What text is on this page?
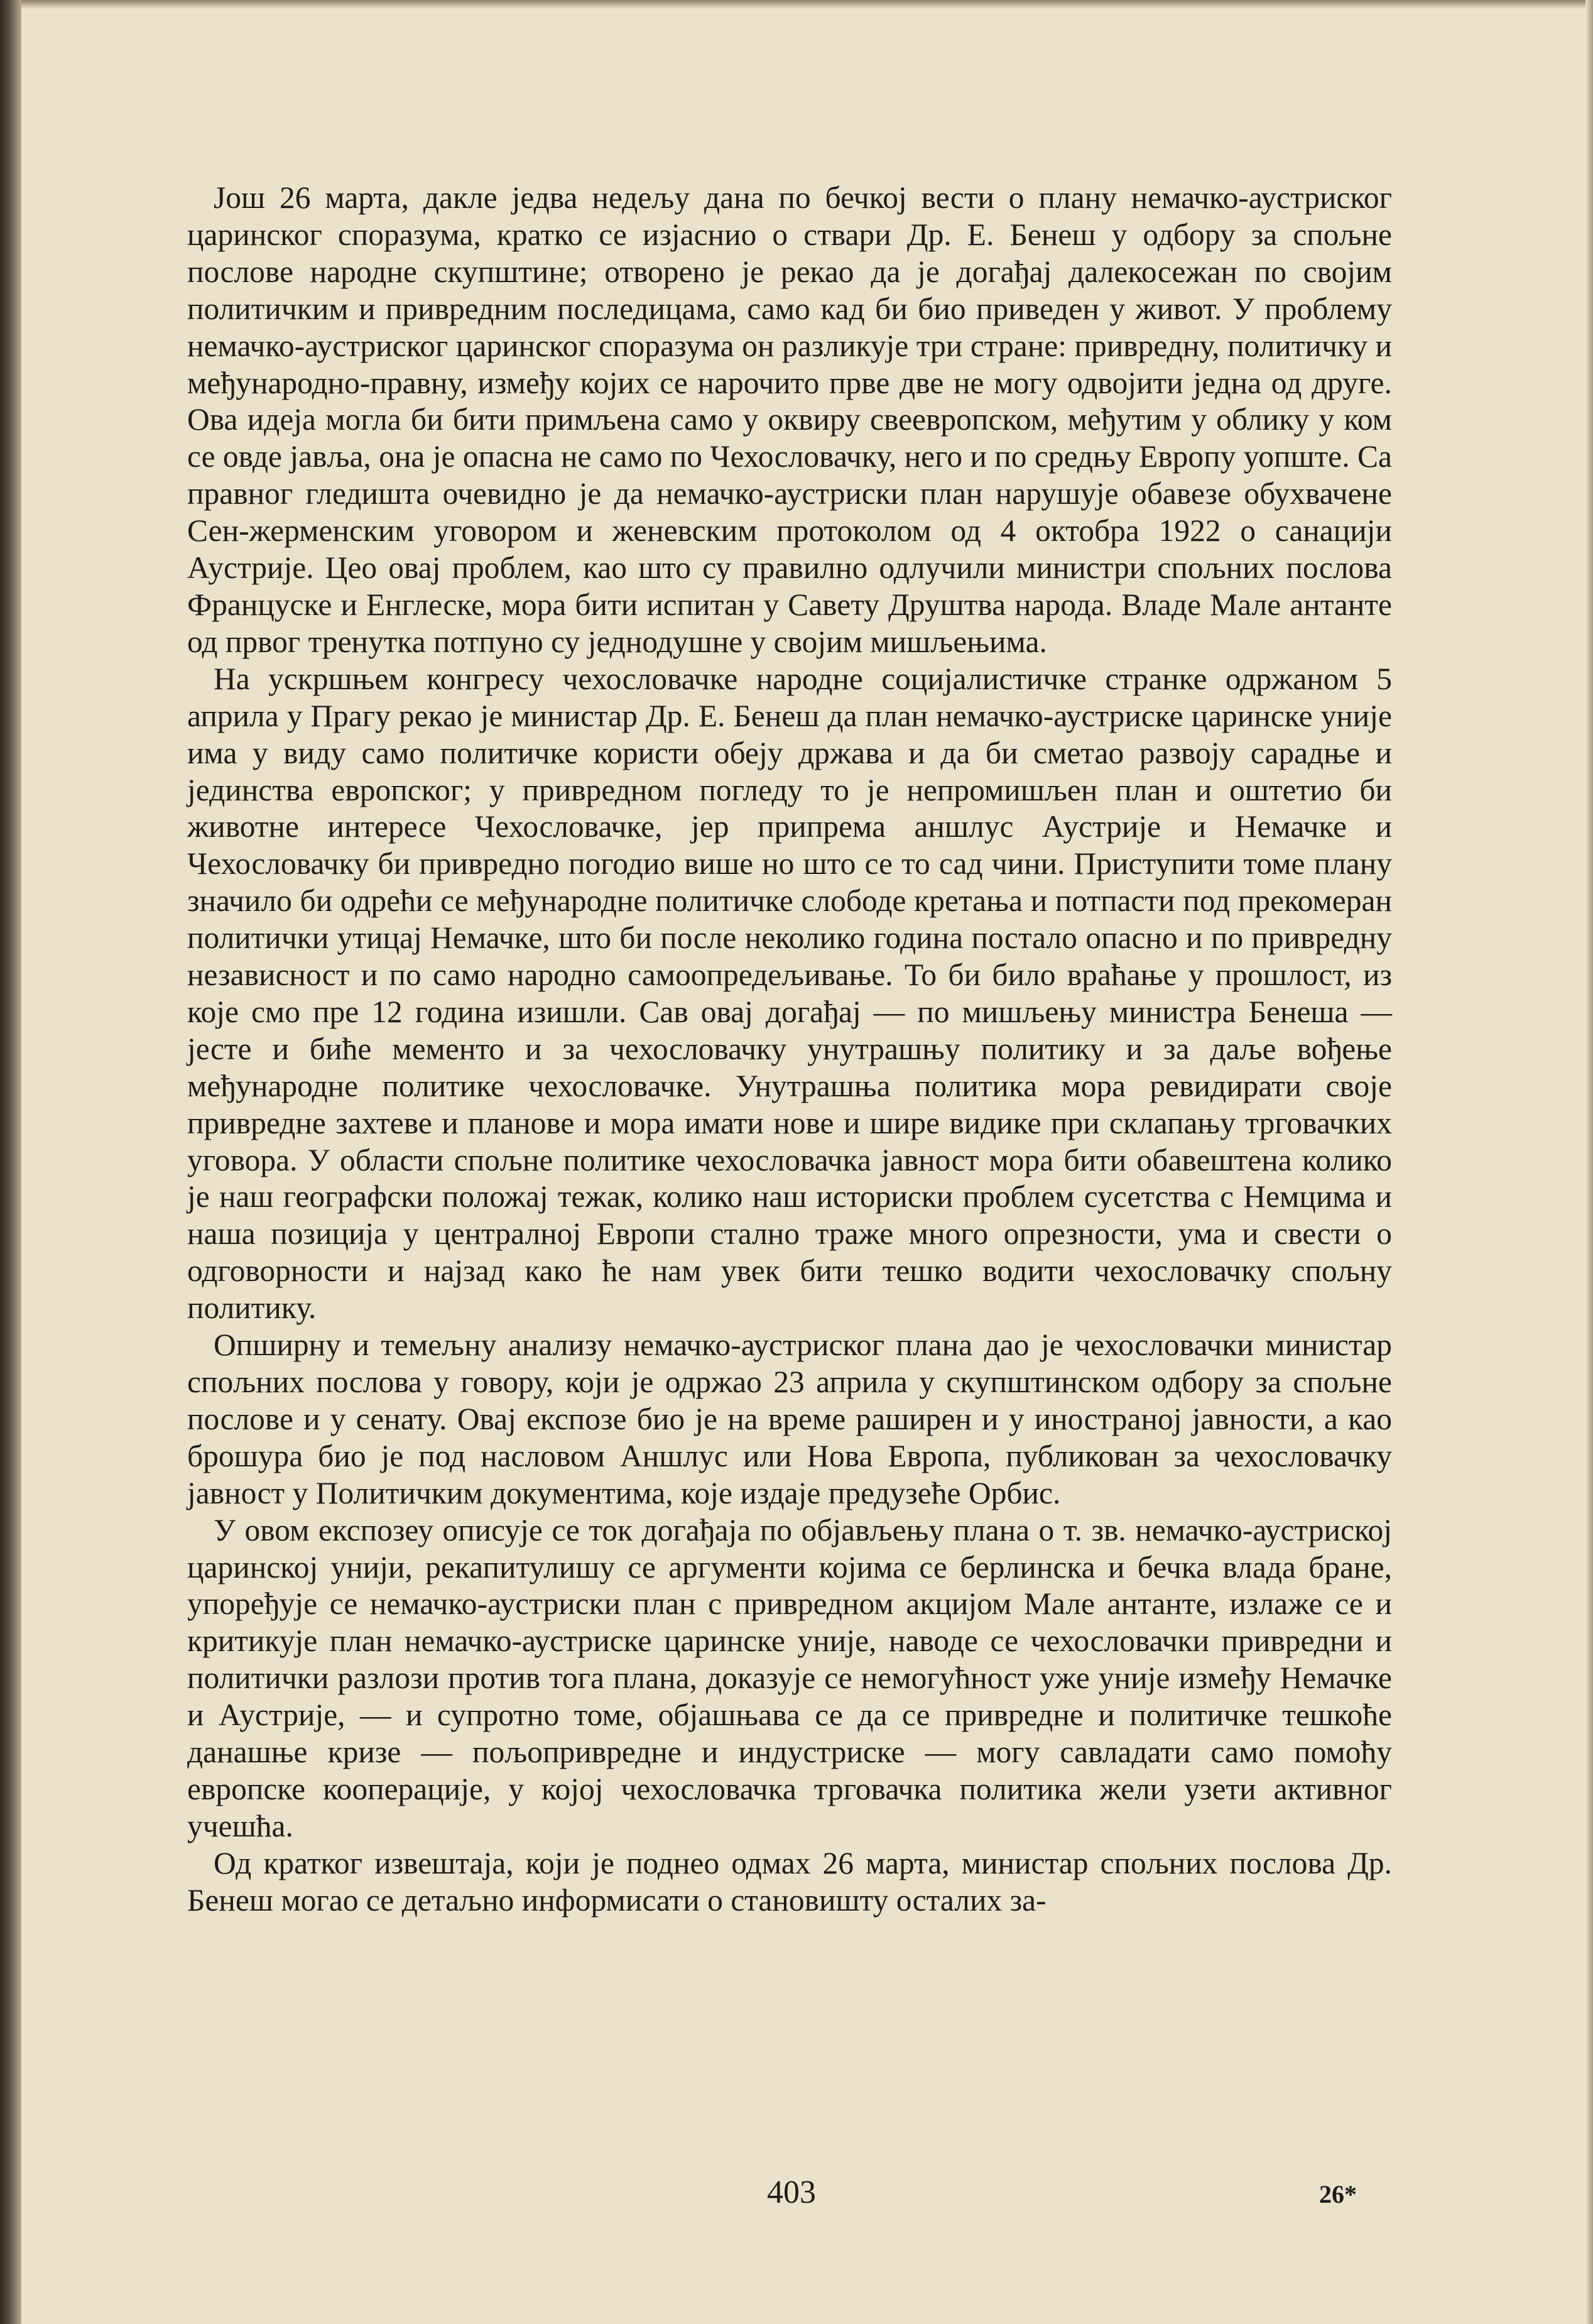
Још 26 марта, дакле једва недељу дана по бечкој вести о плану немачко-аустриског царинског споразума, кратко се изјаснио о ствари Др. Е. Бенеш у одбору за спољне послове народне скупштине; отворено је рекао да је догађај далекосежан по својим политичким и привредним последицама, само кад би био приведен у живот. У проблему немачко-аустриског царинског споразума он разликује три стране: привредну, политичку и међународно-правну, између којих се нарочито прве две не могу одвојити једна од друге. Ова идеја могла би бити примљена само у оквиру свеевропском, међутим у облику у ком се овде јавља, она је опасна не само по Чехословачку, него и по средњу Европу уопште. Са правног гледишта очевидно је да немачко-аустриски план нарушује обавезе обухвачене Сен-жерменским уговором и женевским протоколом од 4 октобра 1922 о санацији Аустрије. Цео овај проблем, као што су правилно одлучили министри спољних послова Француске и Енглеске, мора бити испитан у Савету Друштва народа. Владе Мале антанте од првог тренутка потпуно су једнодушне у својим мишљењима.

На ускршњем конгресу чехословачке народне социјалистичке странке одржаном 5 априла у Прагу рекао је министар Др. Е. Бенеш да план немачко-аустриске царинске уније има у виду само политичке користи обеју држава и да би сметао развоју сарадње и јединства европског; у привредном погледу то је непромишљен план и оштетио би животне интересе Чехословачке, јер припрема аншлус Аустрије и Немачке и Чехословачку би привредно погодио више но што се то сад чини. Приступити томе плану значило би одрећи се међународне политичке слободе кретања и потпасти под прекомеран политички утицај Немачке, што би после неколико година постало опасно и по привредну независност и по само народно самоопредељивање. То би било враћање у прошлост, из које смо пре 12 година изишли. Сав овај догађај — по мишљењу министра Бенеша — јесте и биће мементо и за чехословачку унутрашњу политику и за даље вођење међународне политике чехословачке. Унутрашња политика мора ревидирати своје привредне захтеве и планове и мора имати нове и шире видике при склапању трговачких уговора. У области спољне политике чехословачка јавност мора бити обавештена колико је наш географски положај тежак, колико наш историски проблем сусетства с Немцима и наша позиција у централној Европи стално траже много опрезности, ума и свести о одговорности и најзад како ће нам увек бити тешко водити чехословачку спољну политику.

Опширну и темељну анализу немачко-аустриског плана дао је чехословачки министар спољних послова у говору, који је одржао 23 априла у скупштинском одбору за спољне послове и у сенату. Овај експозе био је на време раширен и у иностраној јавности, а као брошура био је под насловом Аншлус или Нова Европа, публикован за чехословачку јавност у Политичким документима, које издаје предузеће Орбис.

У овом експозеу описује се ток догађаја по објављењу плана о т. зв. немачко-аустриској царинској унији, рекапитулишу се аргументи којима се берлинска и бечка влада бране, упоређује се немачко-аустриски план с привредном акцијом Мале антанте, излаже се и критикује план немачко-аустриске царинске уније, наводе се чехословачки привредни и политички разлози против тога плана, доказује се немогућност уже уније између Немачке и Аустрије, — и супротно томе, објашњава се да се привредне и политичке тешкоће данашње кризе — пољопривредне и индустриске — могу савладати само помоћу европске кооперације, у којој чехословачка трговачка политика жели узети активног учешћа.

Од кратког извештаја, који је поднео одмах 26 марта, министар спољних послова Др. Бенеш могао се детаљно информисати о становишту осталих за-

403	26*
